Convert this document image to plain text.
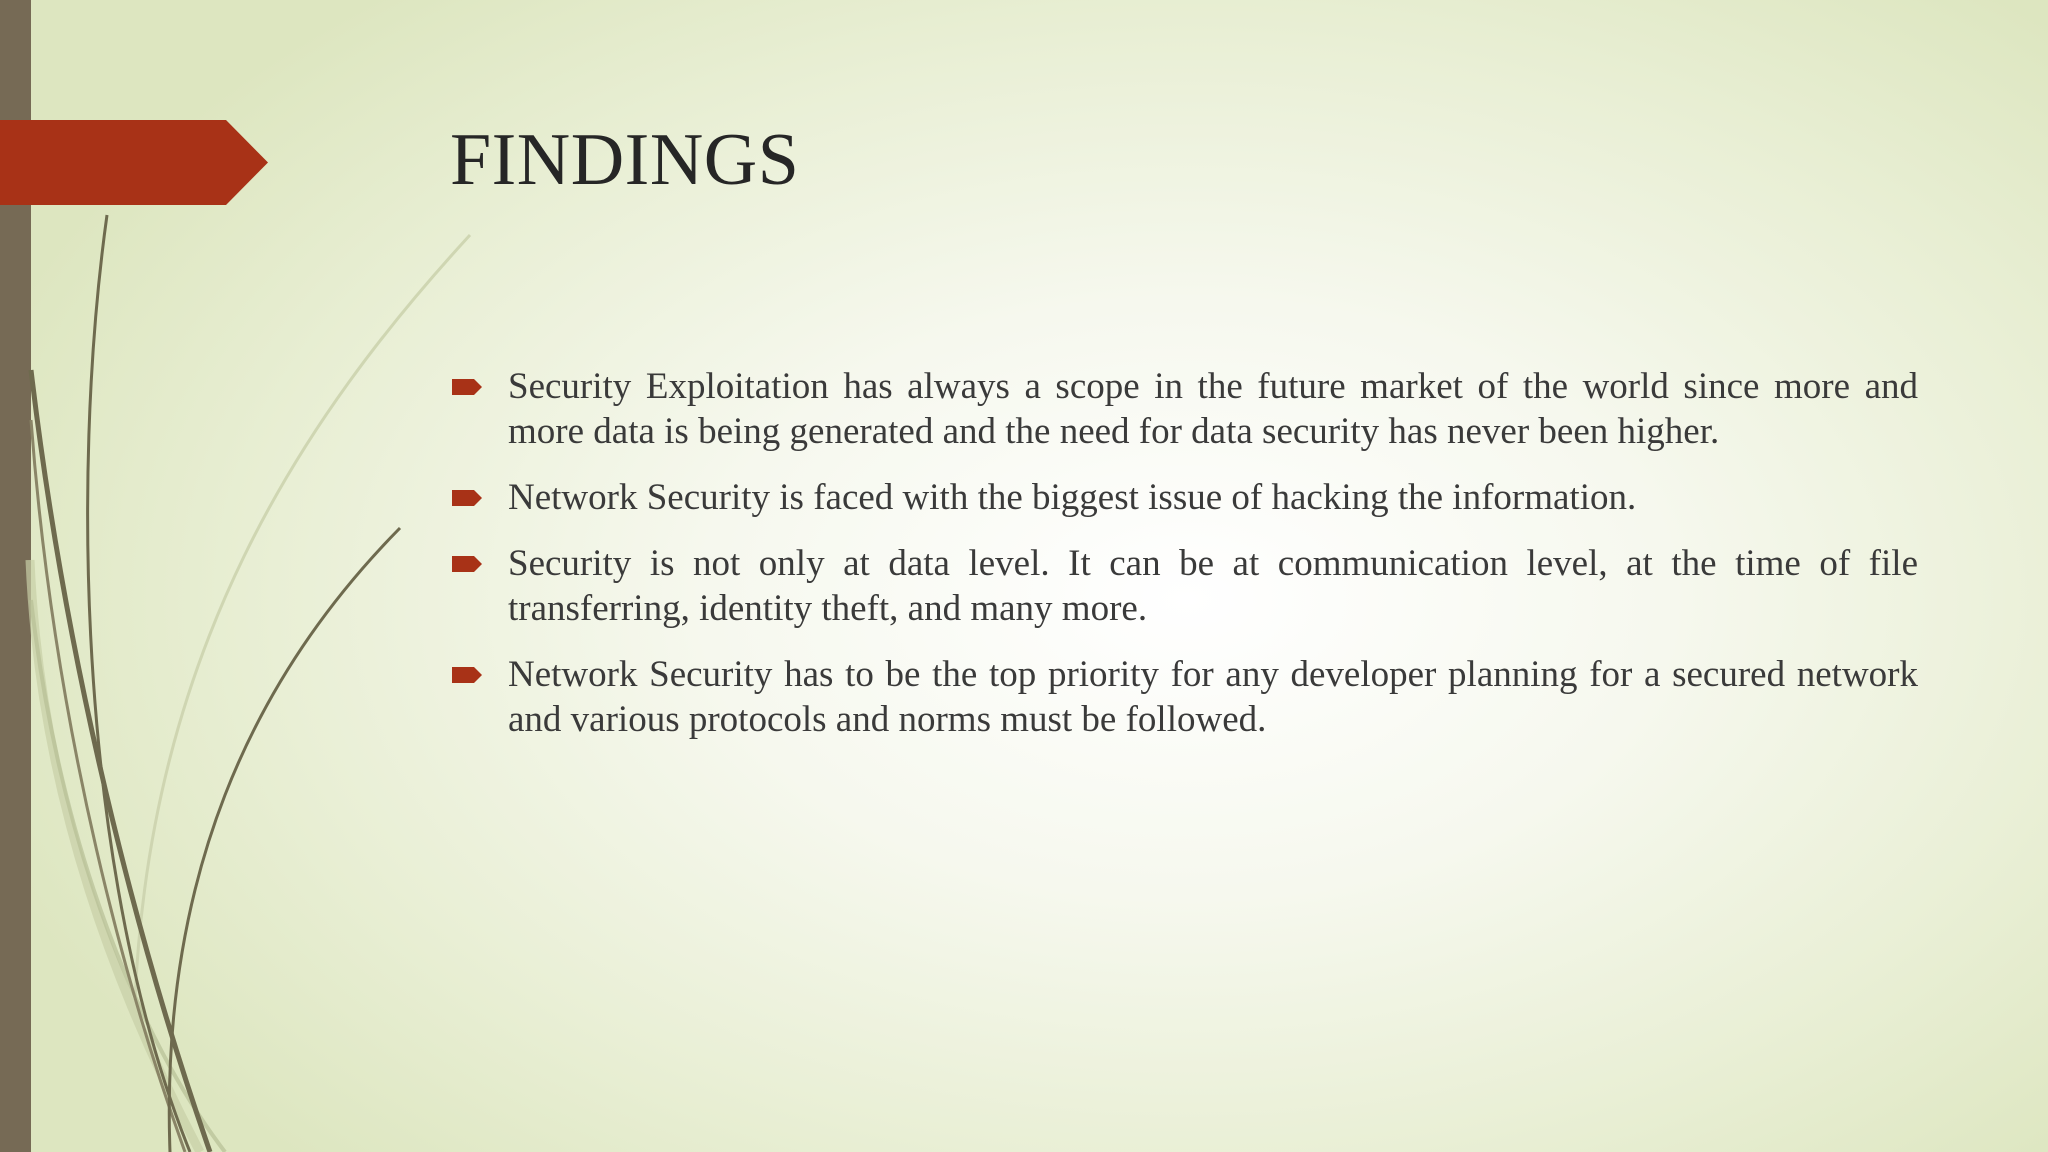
FINDINGS
Security Exploitation has always a scope in the future market of the world since more and more data is being generated and the need for data security has never been higher.
Network Security is faced with the biggest issue of hacking the information.
Security is not only at data level. It can be at communication level, at the time of file transferring, identity theft, and many more.
Network Security has to be the top priority for any developer planning for a secured network and various protocols and norms must be followed.
